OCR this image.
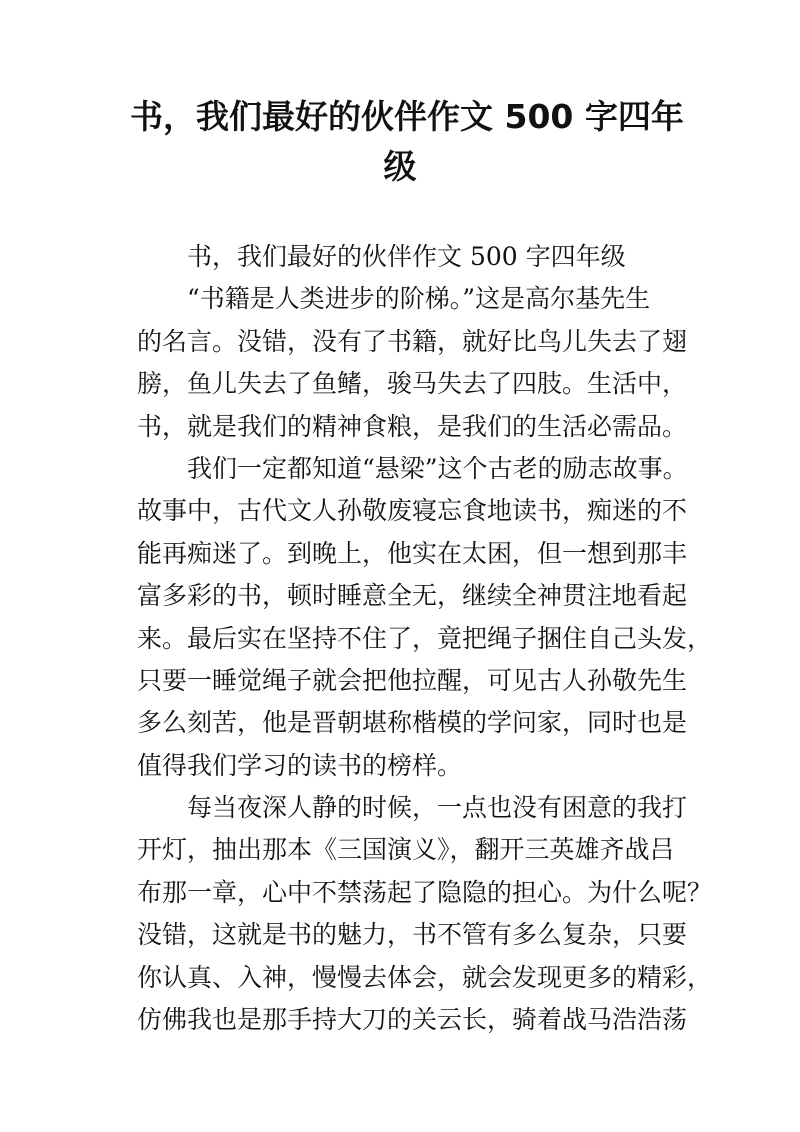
书，我们最好的伙伴作文 500 字四年
级
书，我们最好的伙伴作文 500 字四年级
“书籍是人类进步的阶梯。”这是高尔基先生
的名言。没错，没有了书籍，就好比鸟儿失去了翅
膀，鱼儿失去了鱼鳍，骏马失去了四肢。生活中，
书，就是我们的精神食粮，是我们的生活必需品。
我们一定都知道“悬梁”这个古老的励志故事。
故事中，古代文人孙敬废寝忘食地读书，痴迷的不
能再痴迷了。到晚上，他实在太困，但一想到那丰
富多彩的书，顿时睡意全无，继续全神贯注地看起
来。最后实在坚持不住了，竟把绳子捆住自己头发，
只要一睡觉绳子就会把他拉醒，可见古人孙敬先生
多么刻苦，他是晋朝堪称楷模的学问家，同时也是
值得我们学习的读书的榜样。
每当夜深人静的时候，一点也没有困意的我打
开灯，抽出那本《三国演义》，翻开三英雄齐战吕
布那一章，心中不禁荡起了隐隐的担心。为什么呢？
没错，这就是书的魅力，书不管有多么复杂，只要
你认真、入神，慢慢去体会，就会发现更多的精彩，
仿佛我也是那手持大刀的关云长，骑着战马浩浩荡
